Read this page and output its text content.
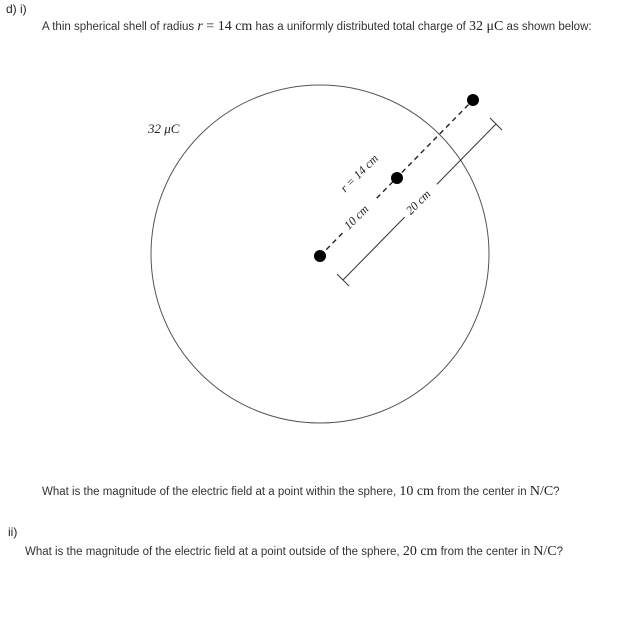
d) i)
A thin spherical shell of radius r = 14 cm has a uniformly distributed total charge of 32 μC as shown below:
32 μC
r = 14 cm
10 cm	20 cm
What is the magnitude of the electric field at a point within the sphere, 10 cm from the center in N/C?
ii)
What is the magnitude of the electric field at a point outside of the sphere, 20 cm from the center in N/C?
